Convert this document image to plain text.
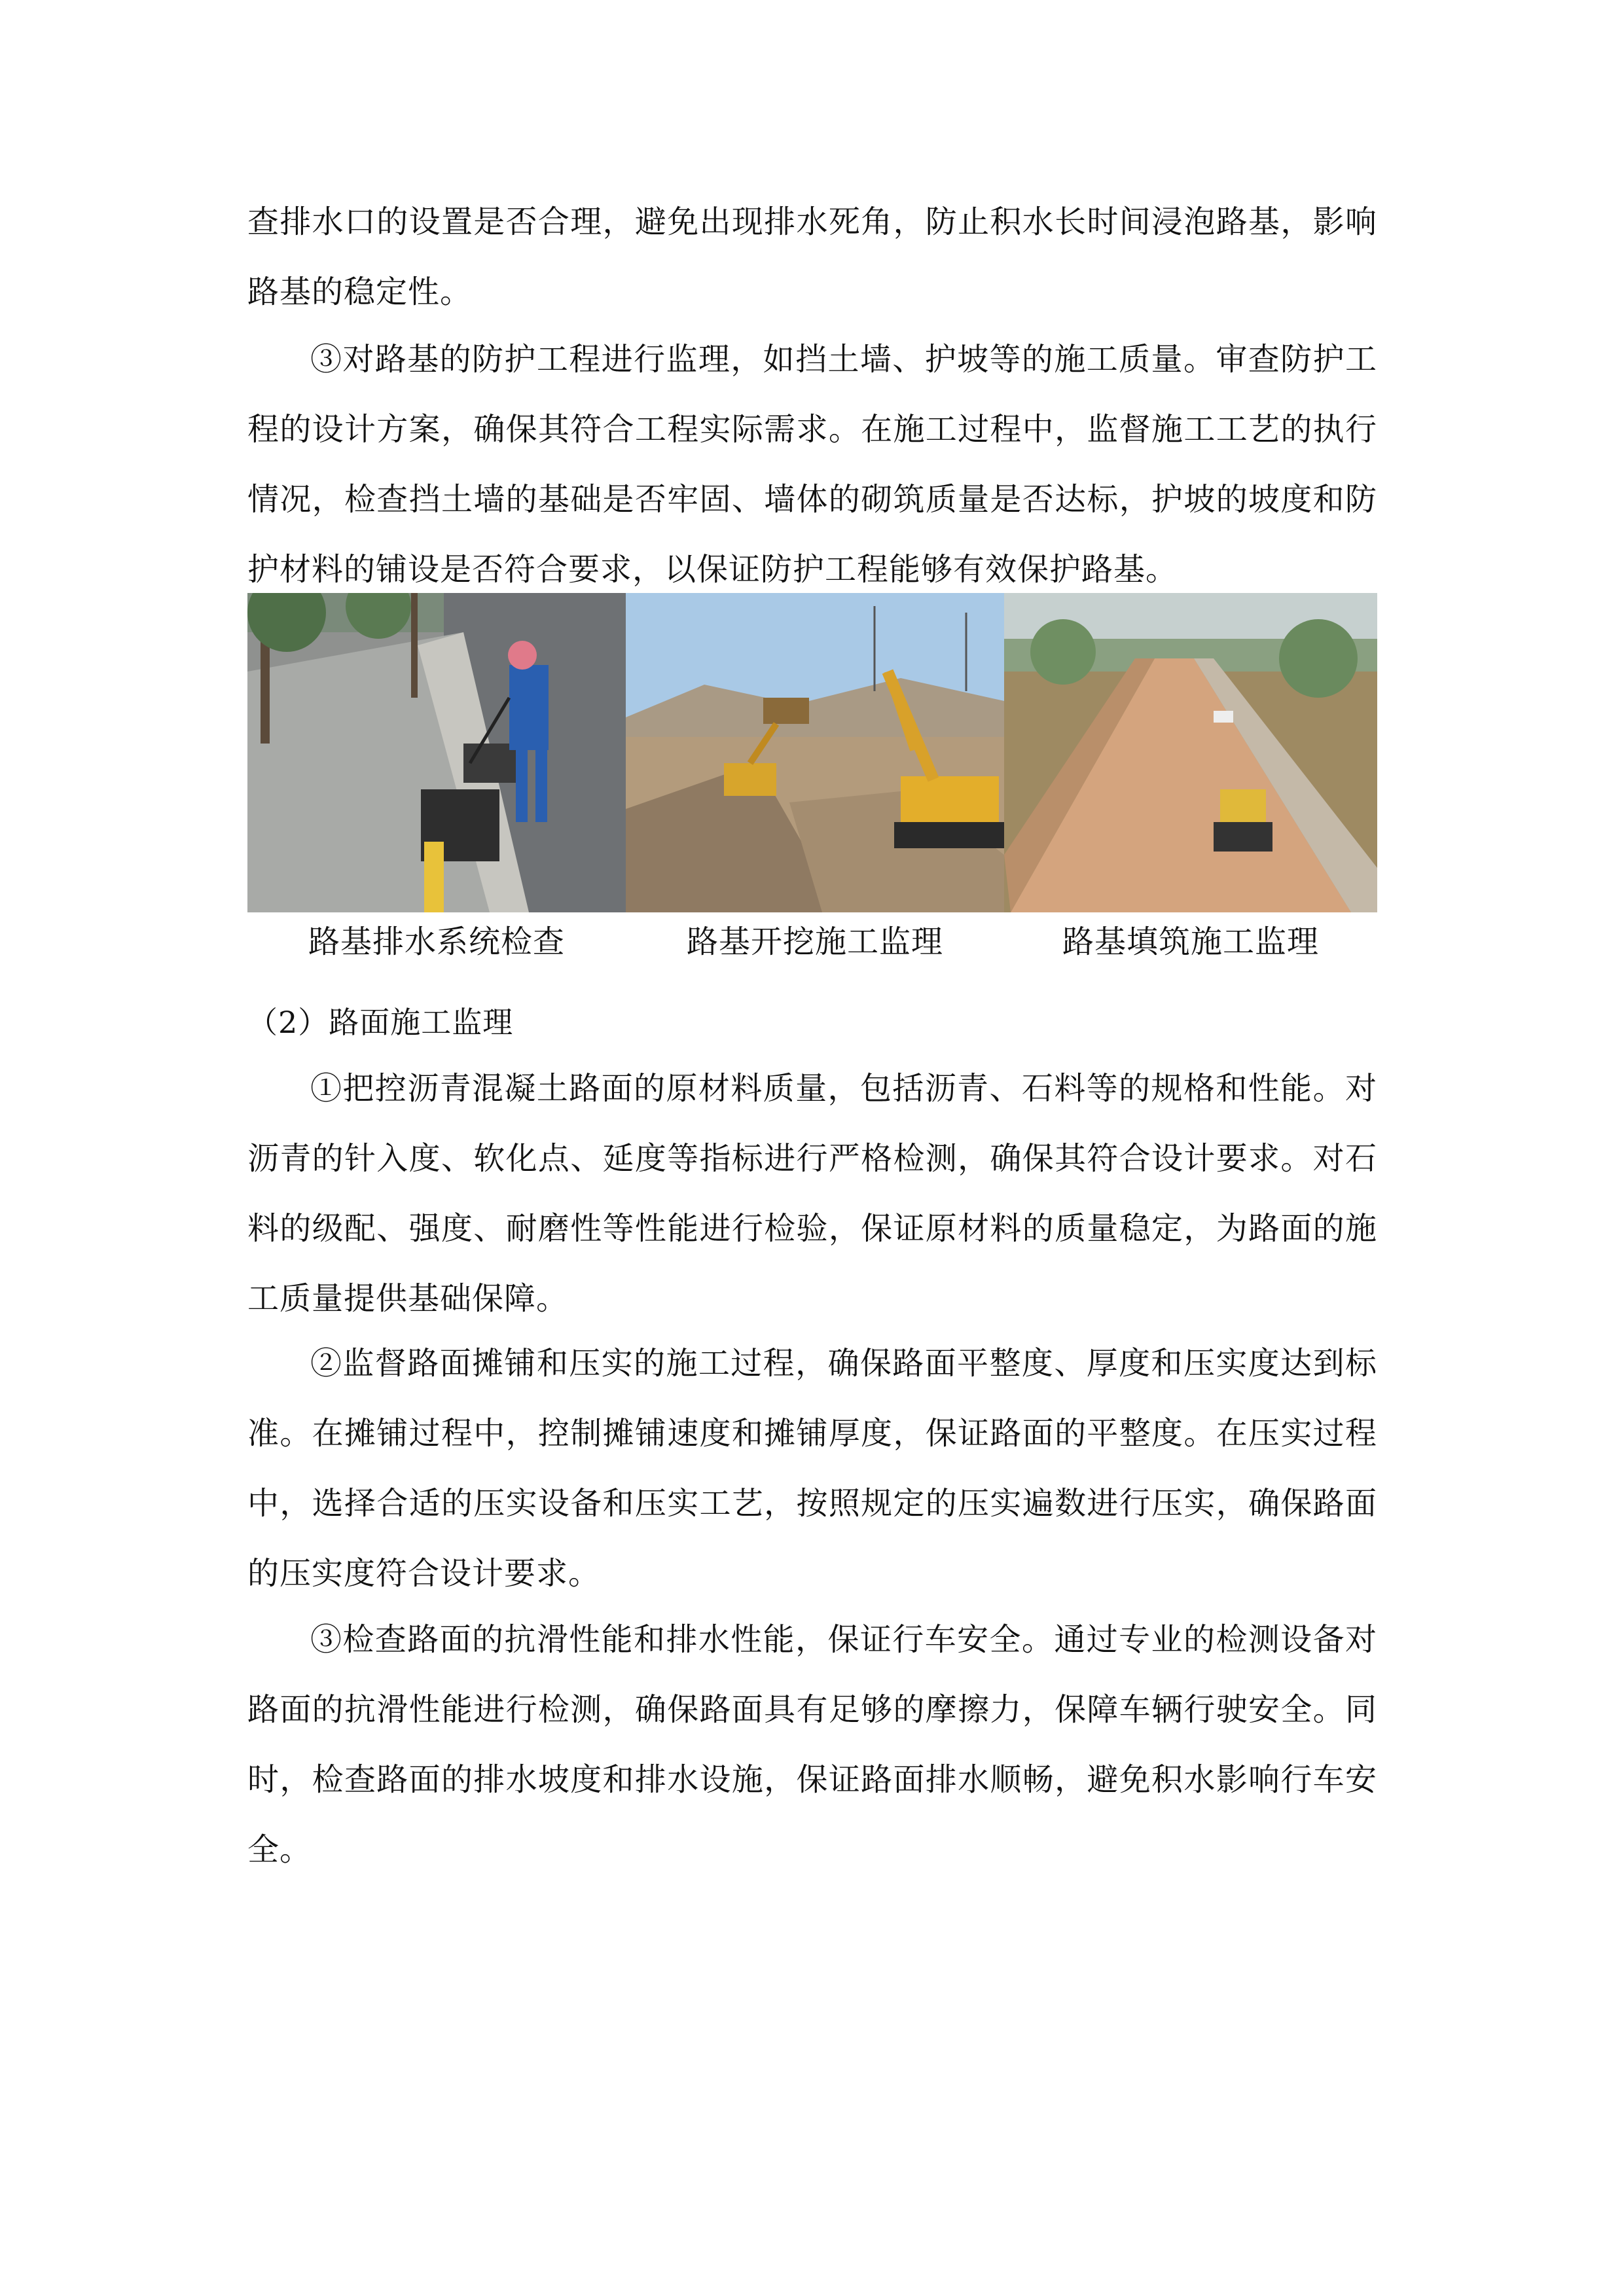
查排水口的设置是否合理，避免出现排水死角，防止积水长时间浸泡路基，影响路基的稳定性。

③对路基的防护工程进行监理，如挡土墙、护坡等的施工质量。审查防护工程的设计方案，确保其符合工程实际需求。在施工过程中，监督施工工艺的执行情况，检查挡土墙的基础是否牢固、墙体的砌筑质量是否达标，护坡的坡度和防护材料的铺设是否符合要求，以保证防护工程能够有效保护路基。

路基排水系统检查	路基开挖施工监理	路基填筑施工监理

（2）路面施工监理

①把控沥青混凝土路面的原材料质量，包括沥青、石料等的规格和性能。对沥青的针入度、软化点、延度等指标进行严格检测，确保其符合设计要求。对石料的级配、强度、耐磨性等性能进行检验，保证原材料的质量稳定，为路面的施工质量提供基础保障。

②监督路面摊铺和压实的施工过程，确保路面平整度、厚度和压实度达到标准。在摊铺过程中，控制摊铺速度和摊铺厚度，保证路面的平整度。在压实过程中，选择合适的压实设备和压实工艺，按照规定的压实遍数进行压实，确保路面的压实度符合设计要求。

③检查路面的抗滑性能和排水性能，保证行车安全。通过专业的检测设备对路面的抗滑性能进行检测，确保路面具有足够的摩擦力，保障车辆行驶安全。同时，检查路面的排水坡度和排水设施，保证路面排水顺畅，避免积水影响行车安全。
